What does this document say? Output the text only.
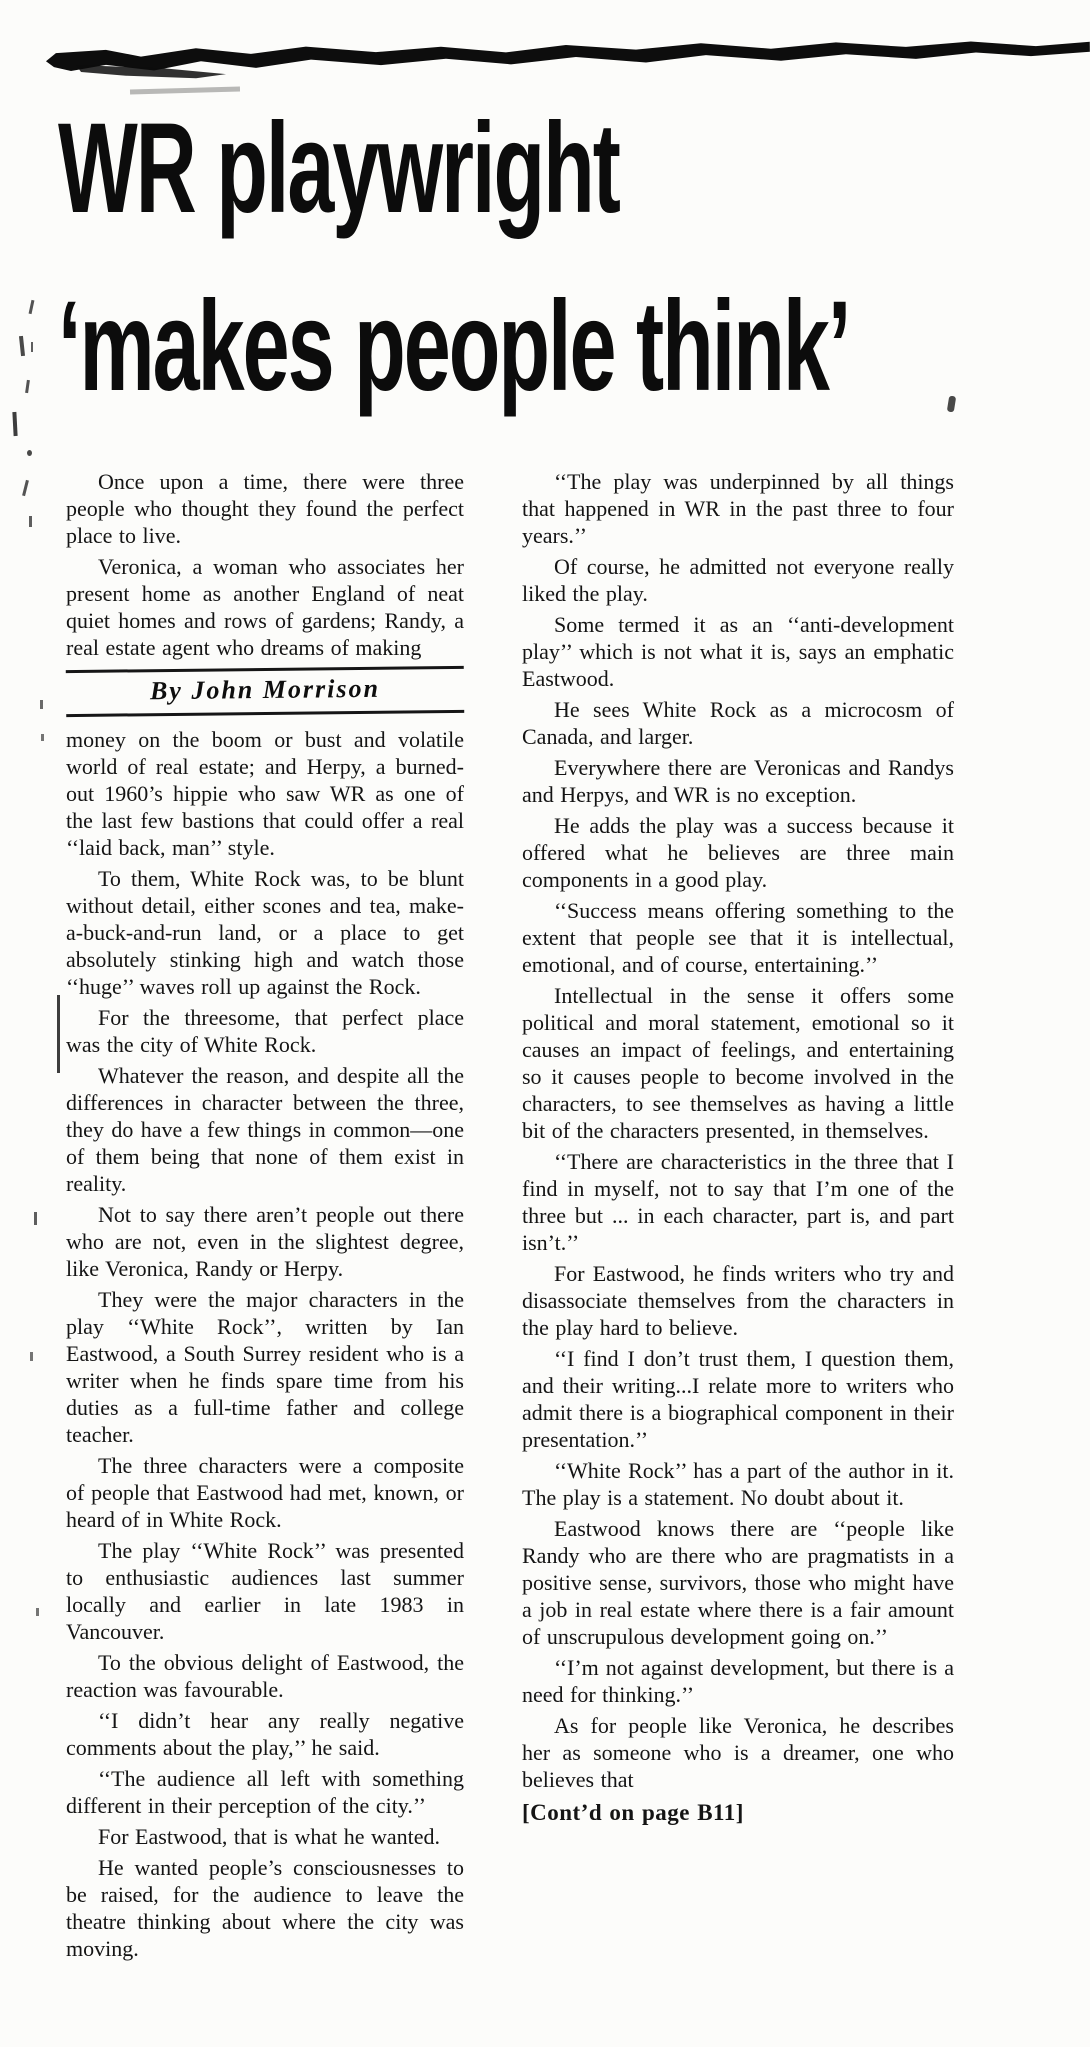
WR playwright
‘makes people think’

Once upon a time, there were three people who thought they found the perfect place to live.

Veronica, a woman who associates her present home as another England of neat quiet homes and rows of gardens; Randy, a real estate agent who dreams of making

By John Morrison

money on the boom or bust and volatile world of real estate; and Herpy, a burned-out 1960’s hippie who saw WR as one of the last few bastions that could offer a real ‘‘laid back, man’’ style.

To them, White Rock was, to be blunt without detail, either scones and tea, make-a-buck-and-run land, or a place to get absolutely stinking high and watch those ‘‘huge’’ waves roll up against the Rock.

For the threesome, that perfect place was the city of White Rock.

Whatever the reason, and despite all the differences in character between the three, they do have a few things in common—one of them being that none of them exist in reality.

Not to say there aren’t people out there who are not, even in the slightest degree, like Veronica, Randy or Herpy.

They were the major characters in the play ‘‘White Rock’’, written by Ian Eastwood, a South Surrey resident who is a writer when he finds spare time from his duties as a full-time father and college teacher.

The three characters were a composite of people that Eastwood had met, known, or heard of in White Rock.

The play ‘‘White Rock’’ was presented to enthusiastic audiences last summer locally and earlier in late 1983 in Vancouver.

To the obvious delight of Eastwood, the reaction was favourable.

‘‘I didn’t hear any really negative comments about the play,’’ he said.

‘‘The audience all left with something different in their perception of the city.’’

For Eastwood, that is what he wanted.

He wanted people’s consciousnesses to be raised, for the audience to leave the theatre thinking about where the city was moving.

‘‘The play was underpinned by all things that happened in WR in the past three to four years.’’

Of course, he admitted not everyone really liked the play.

Some termed it as an ‘‘anti-development play’’ which is not what it is, says an emphatic Eastwood.

He sees White Rock as a microcosm of Canada, and larger.

Everywhere there are Veronicas and Randys and Herpys, and WR is no exception.

He adds the play was a success because it offered what he believes are three main components in a good play.

‘‘Success means offering something to the extent that people see that it is intellectual, emotional, and of course, entertaining.’’

Intellectual in the sense it offers some political and moral statement, emotional so it causes an impact of feelings, and entertaining so it causes people to become involved in the characters, to see themselves as having a little bit of the characters presented, in themselves.

‘‘There are characteristics in the three that I find in myself, not to say that I’m one of the three but ... in each character, part is, and part isn’t.’’

For Eastwood, he finds writers who try and disassociate themselves from the characters in the play hard to believe.

‘‘I find I don’t trust them, I question them, and their writing...I relate more to writers who admit there is a biographical component in their presentation.’’

‘‘White Rock’’ has a part of the author in it. The play is a statement. No doubt about it.

Eastwood knows there are ‘‘people like Randy who are there who are pragmatists in a positive sense, survivors, those who might have a job in real estate where there is a fair amount of unscrupulous development going on.’’

‘‘I’m not against development, but there is a need for thinking.’’

As for people like Veronica, he describes her as someone who is a dreamer, one who believes that

[Cont’d on page B11]
